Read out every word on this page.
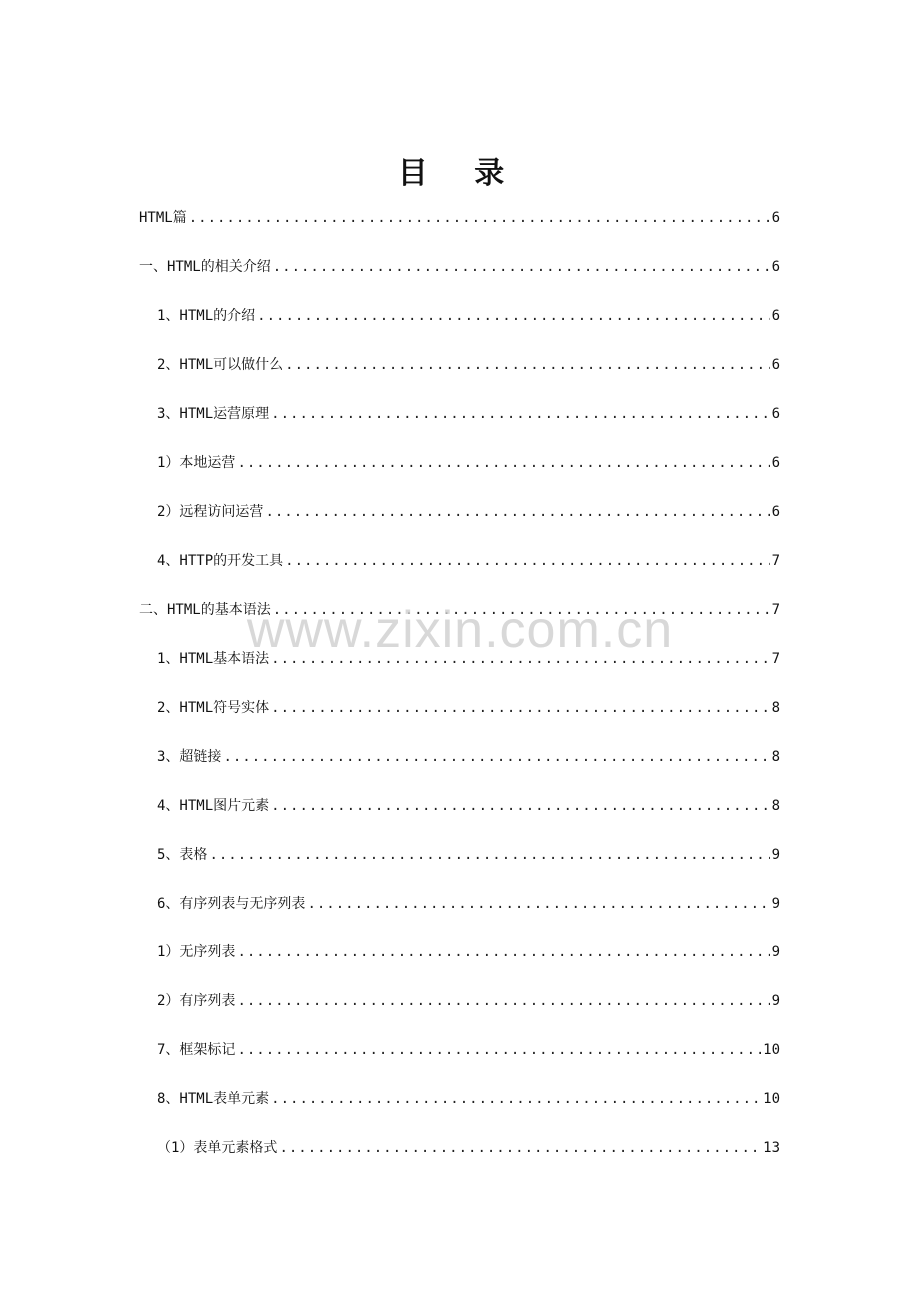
目 录
HTML篇 .....	6
一、HTML的相关介绍 .....	6
1、HTML的介绍 .....	6
2、HTML可以做什么 .....	6
3、HTML运营原理 .....	6
1）本地运营 .....	6
2）远程访问运营 .....	6
4、HTTP的开发工具 .....	7
二、HTML的基本语法 .....	7
1、HTML基本语法 .....	7
2、HTML符号实体 .....	8
3、超链接 .....	8
4、HTML图片元素 .....	8
5、表格 .....	9
6、有序列表与无序列表 .....	9
1）无序列表 .....	9
2）有序列表 .....	9
7、框架标记 .....	10
8、HTML表单元素 .....	10
（1）表单元素格式 .....	13
www.zixin.com.cn
